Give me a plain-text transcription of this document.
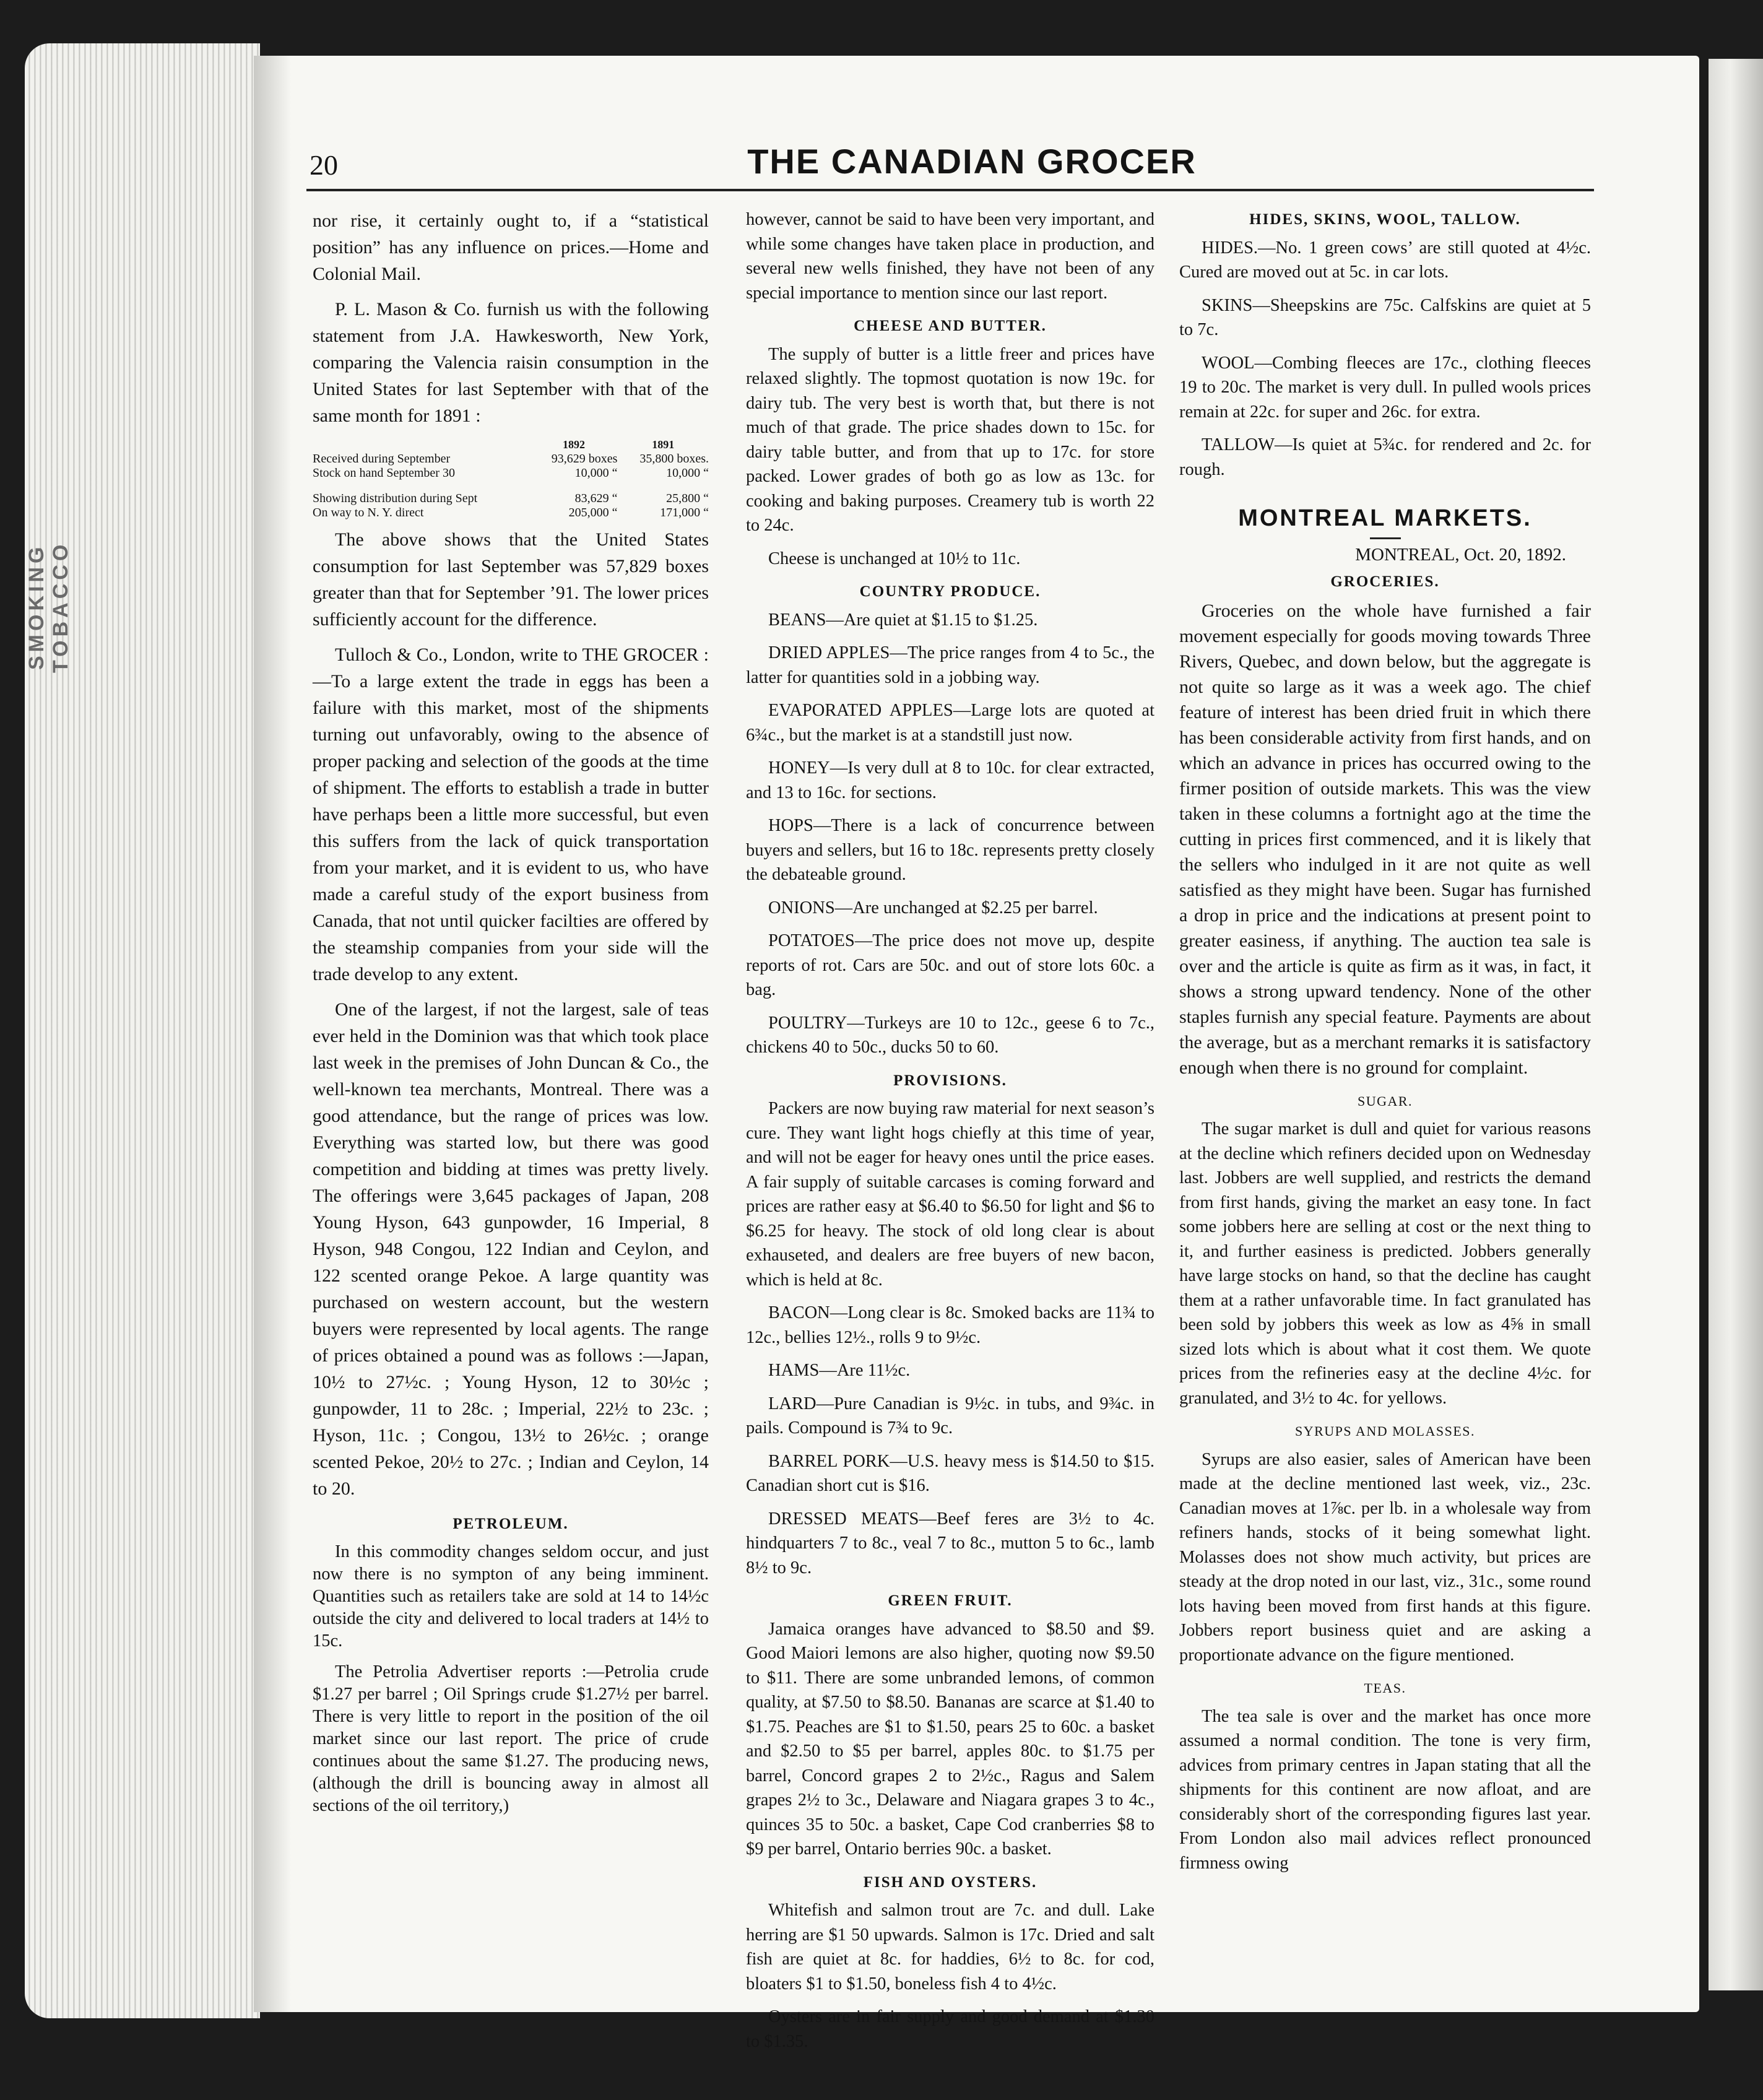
SMOKING TOBACCO
20	THE CANADIAN GROCER

nor rise, it certainly ought to, if a “statistical position” has any influence on prices.—Home and Colonial Mail.

P. L. Mason & Co. furnish us with the following statement from J.A. Hawkesworth, New York, comparing the Valencia raisin consumption in the United States for last September with that of the same month for 1891 :

	1892	1891
Received during September	93,629 boxes	35,800 boxes.
Stock on hand September 30	10,000 “	10,000 “

Showing distribution during Sept	83,629 “	25,800 “
On way to N. Y. direct	205,000 “	171,000 “

The above shows that the United States consumption for last September was 57,829 boxes greater than that for September ’91. The lower prices sufficiently account for the difference.

Tulloch & Co., London, write to THE GROCER :—To a large extent the trade in eggs has been a failure with this market, most of the shipments turning out unfavorably, owing to the absence of proper packing and selection of the goods at the time of shipment. The efforts to establish a trade in butter have perhaps been a little more successful, but even this suffers from the lack of quick transportation from your market, and it is evident to us, who have made a careful study of the export business from Canada, that not until quicker facilties are offered by the steamship companies from your side will the trade develop to any extent.

One of the largest, if not the largest, sale of teas ever held in the Dominion was that which took place last week in the premises of John Duncan & Co., the well-known tea merchants, Montreal. There was a good attendance, but the range of prices was low. Everything was started low, but there was good competition and bidding at times was pretty lively. The offerings were 3,645 packages of Japan, 208 Young Hyson, 643 gunpowder, 16 Imperial, 8 Hyson, 948 Congou, 122 Indian and Ceylon, and 122 scented orange Pekoe. A large quantity was purchased on western account, but the western buyers were represented by local agents. The range of prices obtained a pound was as follows :—Japan, 10½ to 27½c. ; Young Hyson, 12 to 30½c ; gunpowder, 11 to 28c. ; Imperial, 22½ to 23c. ; Hyson, 11c. ; Congou, 13½ to 26½c. ; orange scented Pekoe, 20½ to 27c. ; Indian and Ceylon, 14 to 20.

PETROLEUM.

In this commodity changes seldom occur, and just now there is no sympton of any being imminent. Quantities such as retailers take are sold at 14 to 14½c outside the city and delivered to local traders at 14½ to 15c.

The Petrolia Advertiser reports :—Petrolia crude $1.27 per barrel ; Oil Springs crude $1.27½ per barrel. There is very little to report in the position of the oil market since our last report. The price of crude continues about the same $1.27. The producing news, (although the drill is bouncing away in almost all sections of the oil territory,)

however, cannot be said to have been very important, and while some changes have taken place in production, and several new wells finished, they have not been of any special importance to mention since our last report.

CHEESE AND BUTTER.

The supply of butter is a little freer and prices have relaxed slightly. The topmost quotation is now 19c. for dairy tub. The very best is worth that, but there is not much of that grade. The price shades down to 15c. for dairy table butter, and from that up to 17c. for store packed. Lower grades of both go as low as 13c. for cooking and baking purposes. Creamery tub is worth 22 to 24c.

Cheese is unchanged at 10½ to 11c.

COUNTRY PRODUCE.

BEANS—Are quiet at $1.15 to $1.25.

DRIED APPLES—The price ranges from 4 to 5c., the latter for quantities sold in a jobbing way.

EVAPORATED APPLES—Large lots are quoted at 6¾c., but the market is at a standstill just now.

HONEY—Is very dull at 8 to 10c. for clear extracted, and 13 to 16c. for sections.

HOPS—There is a lack of concurrence between buyers and sellers, but 16 to 18c. represents pretty closely the debateable ground.

ONIONS—Are unchanged at $2.25 per barrel.

POTATOES—The price does not move up, despite reports of rot. Cars are 50c. and out of store lots 60c. a bag.

POULTRY—Turkeys are 10 to 12c., geese 6 to 7c., chickens 40 to 50c., ducks 50 to 60.

PROVISIONS.

Packers are now buying raw material for next season’s cure. They want light hogs chiefly at this time of year, and will not be eager for heavy ones until the price eases. A fair supply of suitable carcases is coming forward and prices are rather easy at $6.40 to $6.50 for light and $6 to $6.25 for heavy. The stock of old long clear is about exhauseted, and dealers are free buyers of new bacon, which is held at 8c.

BACON—Long clear is 8c. Smoked backs are 11¾ to 12c., bellies 12½., rolls 9 to 9½c.

HAMS—Are 11½c.

LARD—Pure Canadian is 9½c. in tubs, and 9¾c. in pails. Compound is 7¾ to 9c.

BARREL PORK—U.S. heavy mess is $14.50 to $15. Canadian short cut is $16.

DRESSED MEATS—Beef feres are 3½ to 4c. hindquarters 7 to 8c., veal 7 to 8c., mutton 5 to 6c., lamb 8½ to 9c.

GREEN FRUIT.

Jamaica oranges have advanced to $8.50 and $9. Good Maiori lemons are also higher, quoting now $9.50 to $11. There are some unbranded lemons, of common quality, at $7.50 to $8.50. Bananas are scarce at $1.40 to $1.75. Peaches are $1 to $1.50, pears 25 to 60c. a basket and $2.50 to $5 per barrel, apples 80c. to $1.75 per barrel, Concord grapes 2 to 2½c., Ragus and Salem grapes 2½ to 3c., Delaware and Niagara grapes 3 to 4c., quinces 35 to 50c. a basket, Cape Cod cranberries $8 to $9 per barrel, Ontario berries 90c. a basket.

FISH AND OYSTERS.

Whitefish and salmon trout are 7c. and dull. Lake herring are $1 50 upwards. Salmon is 17c. Dried and salt fish are quiet at 8c. for haddies, 6½ to 8c. for cod, bloaters $1 to $1.50, boneless fish 4 to 4½c.

Oysters are in fair supply and good demand at $1.30 to $1.35.

HIDES, SKINS, WOOL, TALLOW.

HIDES.—No. 1 green cows’ are still quoted at 4½c. Cured are moved out at 5c. in car lots.

SKINS—Sheepskins are 75c. Calfskins are quiet at 5 to 7c.

WOOL—Combing fleeces are 17c., clothing fleeces 19 to 20c. The market is very dull. In pulled wools prices remain at 22c. for super and 26c. for extra.

TALLOW—Is quiet at 5¾c. for rendered and 2c. for rough.

MONTREAL MARKETS.
MONTREAL, Oct. 20, 1892.
GROCERIES.

Groceries on the whole have furnished a fair movement especially for goods moving towards Three Rivers, Quebec, and down below, but the aggregate is not quite so large as it was a week ago. The chief feature of interest has been dried fruit in which there has been considerable activity from first hands, and on which an advance in prices has occurred owing to the firmer position of outside markets. This was the view taken in these columns a fortnight ago at the time the cutting in prices first commenced, and it is likely that the sellers who indulged in it are not quite as well satisfied as they might have been. Sugar has furnished a drop in price and the indications at present point to greater easiness, if anything. The auction tea sale is over and the article is quite as firm as it was, in fact, it shows a strong upward tendency. None of the other staples furnish any special feature. Payments are about the average, but as a merchant remarks it is satisfactory enough when there is no ground for complaint.

SUGAR.

The sugar market is dull and quiet for various reasons at the decline which refiners decided upon on Wednesday last. Jobbers are well supplied, and restricts the demand from first hands, giving the market an easy tone. In fact some jobbers here are selling at cost or the next thing to it, and further easiness is predicted. Jobbers generally have large stocks on hand, so that the decline has caught them at a rather unfavorable time. In fact granulated has been sold by jobbers this week as low as 4⅝ in small sized lots which is about what it cost them. We quote prices from the refineries easy at the decline 4½c. for granulated, and 3½ to 4c. for yellows.

SYRUPS AND MOLASSES.

Syrups are also easier, sales of American have been made at the decline mentioned last week, viz., 23c. Canadian moves at 1⅞c. per lb. in a wholesale way from refiners hands, stocks of it being somewhat light. Molasses does not show much activity, but prices are steady at the drop noted in our last, viz., 31c., some round lots having been moved from first hands at this figure. Jobbers report business quiet and are asking a proportionate advance on the figure mentioned.

TEAS.

The tea sale is over and the market has once more assumed a normal condition. The tone is very firm, advices from primary centres in Japan stating that all the shipments for this continent are now afloat, and are considerably short of the corresponding figures last year. From London also mail advices reflect pronounced firmness owing
